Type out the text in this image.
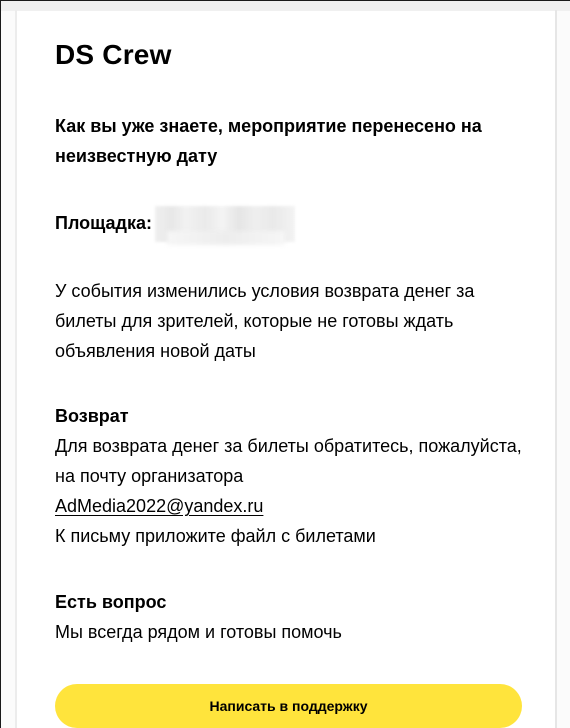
DS Crew
Как вы уже знаете, мероприятие перенесено на неизвестную дату
Площадка:
У события изменились условия возврата денег за билеты для зрителей, которые не готовы ждать объявления новой даты
Возврат
Для возврата денег за билеты обратитесь, пожалуйста, на почту организатора
AdMedia2022@yandex.ru
К письму приложите файл с билетами
Есть вопрос
Мы всегда рядом и готовы помочь
Написать в поддержку
